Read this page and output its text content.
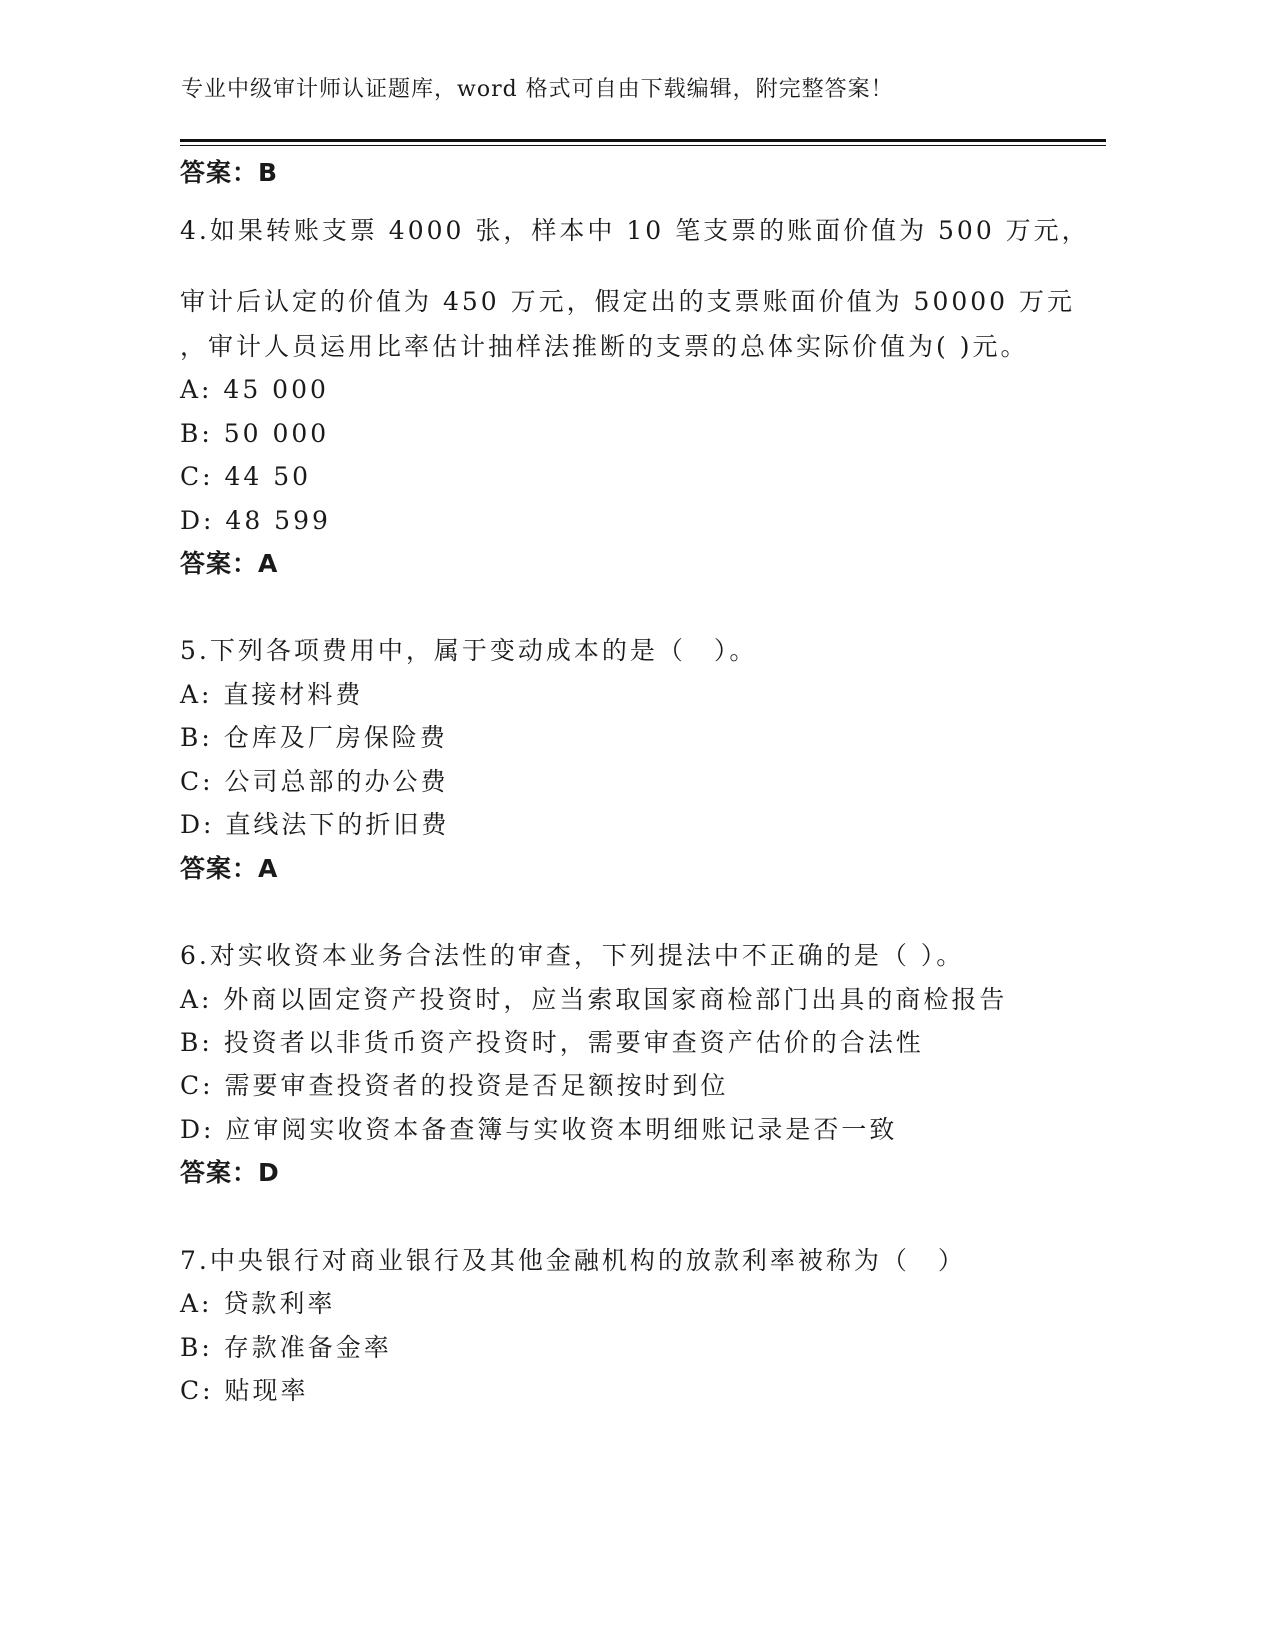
专业中级审计师认证题库，word 格式可自由下载编辑，附完整答案！
答案：B
4.如果转账支票 4000 张，样本中 10 笔支票的账面价值为 500 万元，
审计后认定的价值为 450 万元，假定出的支票账面价值为 50000 万元
，审计人员运用比率估计抽样法推断的支票的总体实际价值为( )元。
A: 45 000
B: 50 000
C: 44 50
D: 48 599
答案：A
5.下列各项费用中，属于变动成本的是（　）。
A: 直接材料费
B: 仓库及厂房保险费
C: 公司总部的办公费
D: 直线法下的折旧费
答案：A
6.对实收资本业务合法性的审查，下列提法中不正确的是（ ）。
A: 外商以固定资产投资时，应当索取国家商检部门出具的商检报告
B: 投资者以非货币资产投资时，需要审查资产估价的合法性
C: 需要审查投资者的投资是否足额按时到位
D: 应审阅实收资本备查簿与实收资本明细账记录是否一致
答案：D
7.中央银行对商业银行及其他金融机构的放款利率被称为（　）
A: 贷款利率
B: 存款准备金率
C: 贴现率
